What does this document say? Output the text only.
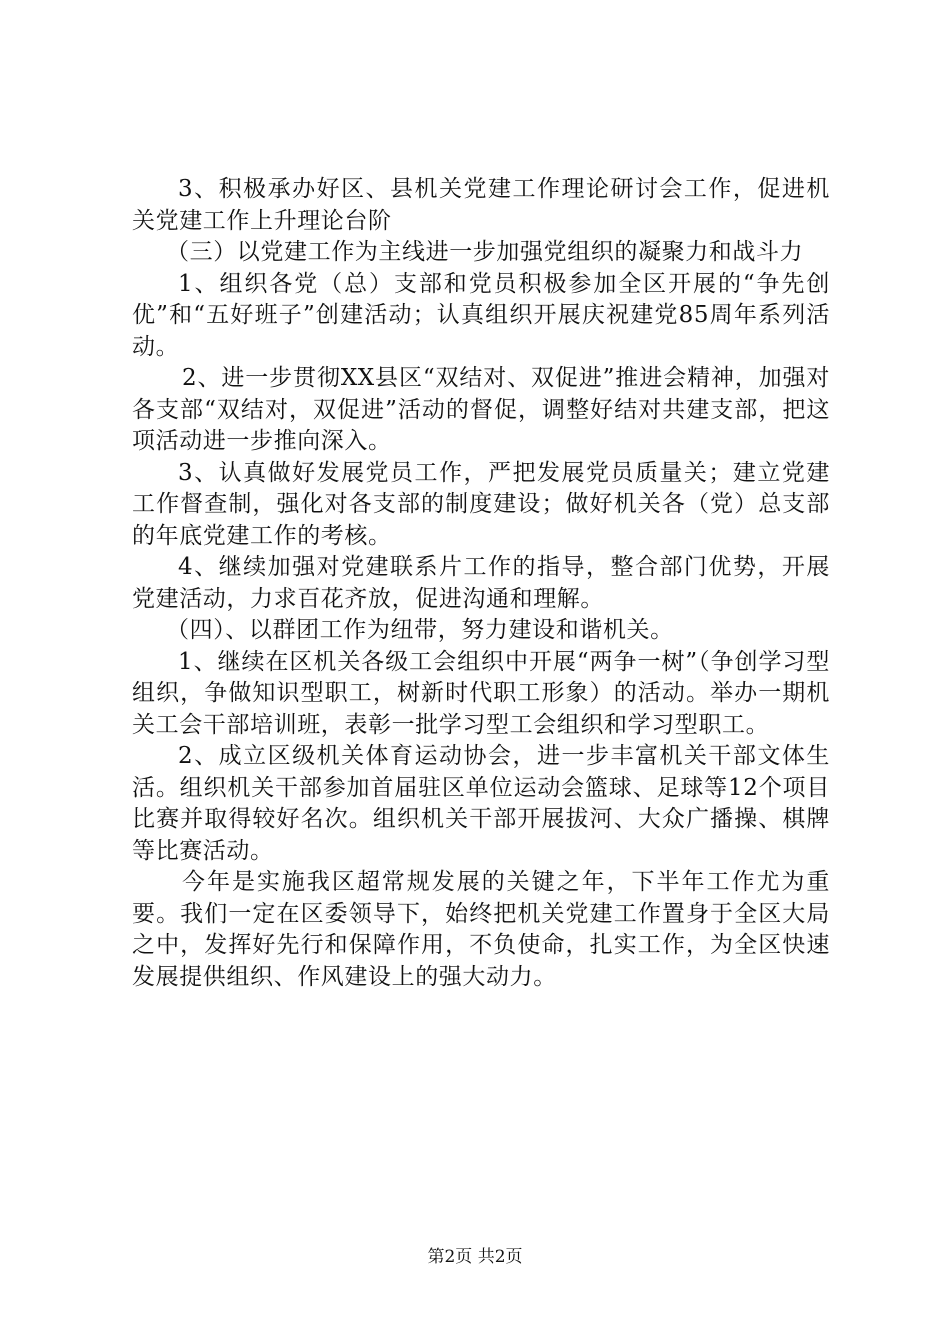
3、积极承办好区、县机关党建工作理论研讨会工作，促进机关党建工作上升理论台阶

（三）以党建工作为主线进一步加强党组织的凝聚力和战斗力

1、组织各党（总）支部和党员积极参加全区开展的“争先创优”和“五好班子”创建活动；认真组织开展庆祝建党85周年系列活动。

2、进一步贯彻XX县区“双结对、双促进”推进会精神，加强对各支部“双结对，双促进”活动的督促，调整好结对共建支部，把这项活动进一步推向深入。

3、认真做好发展党员工作，严把发展党员质量关；建立党建工作督查制，强化对各支部的制度建设；做好机关各（党）总支部的年底党建工作的考核。

4、继续加强对党建联系片工作的指导，整合部门优势，开展党建活动，力求百花齐放，促进沟通和理解。

（四）、以群团工作为纽带，努力建设和谐机关。

1、继续在区机关各级工会组织中开展“两争一树”（争创学习型组织，争做知识型职工，树新时代职工形象）的活动。举办一期机关工会干部培训班，表彰一批学习型工会组织和学习型职工。

2、成立区级机关体育运动协会，进一步丰富机关干部文体生活。组织机关干部参加首届驻区单位运动会篮球、足球等12个项目比赛并取得较好名次。组织机关干部开展拔河、大众广播操、棋牌等比赛活动。

今年是实施我区超常规发展的关键之年，下半年工作尤为重要。我们一定在区委领导下，始终把机关党建工作置身于全区大局之中，发挥好先行和保障作用，不负使命，扎实工作，为全区快速发展提供组织、作风建设上的强大动力。

第2页 共2页
